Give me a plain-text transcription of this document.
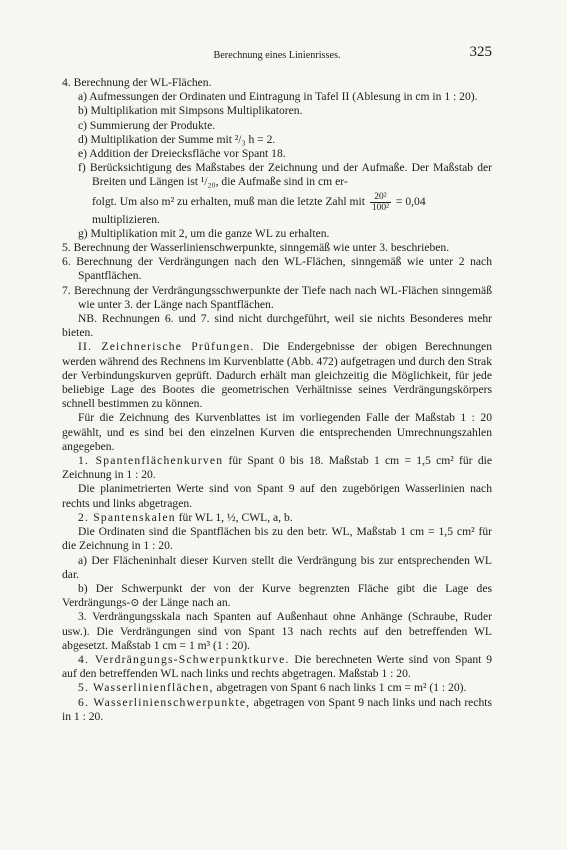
Berechnung eines Linienrisses.	325

4. Berechnung der WL-Flächen.

a) Aufmessungen der Ordinaten und Eintragung in Tafel II (Ablesung in cm in 1 : 20).

b) Multiplikation mit Simpsons Multiplikatoren.

c) Summierung der Produkte.

d) Multiplikation der Summe mit ²/₃ h = 2.

e) Addition der Dreiecksfläche vor Spant 18.

f) Berücksichtigung des Maßstabes der Zeichnung und der Aufmaße. Der Maßstab der Breiten und Längen ist ¹/₂₀, die Aufmaße sind in cm er-

folgt. Um also m² zu erhalten, muß man die letzte Zahl mit $\frac{\text{20²}}{\text{100²}} = 0,04$

multiplizieren.

g) Multiplikation mit 2, um die ganze WL zu erhalten.

5. Berechnung der Wasserlinienschwerpunkte, sinngemäß wie unter 3. beschrieben.

6. Berechnung der Verdrängungen nach den WL-Flächen, sinngemäß wie unter 2 nach Spantflächen.

7. Berechnung der Verdrängungsschwerpunkte der Tiefe nach nach WL-Flächen sinngemäß wie unter 3. der Länge nach Spantflächen.

NB. Rechnungen 6. und 7. sind nicht durchgeführt, weil sie nichts Besonderes mehr bieten.

II. Zeichnerische Prüfungen. Die Endergebnisse der obigen Berechnungen werden während des Rechnens im Kurvenblatte (Abb. 472) aufgetragen und durch den Strak der Verbindungskurven geprüft. Dadurch erhält man gleichzeitig die Möglichkeit, für jede beliebige Lage des Bootes die geometrischen Verhältnisse seines Verdrängungskörpers schnell bestimmen zu können.

Für die Zeichnung des Kurvenblattes ist im vorliegenden Falle der Maßstab 1 : 20 gewählt, und es sind bei den einzelnen Kurven die entsprechenden Umrechnungszahlen angegeben.

1. Spantenflächenkurven für Spant 0 bis 18. Maßstab 1 cm = 1,5 cm² für die Zeichnung in 1 : 20.

Die planimetrierten Werte sind von Spant 9 auf den zugebörigen Wasserlinien nach rechts und links abgetragen.

2. Spantenskalen für WL 1, ½, CWL, a, b.

Die Ordinaten sind die Spantflächen bis zu den betr. WL, Maßstab 1 cm = 1,5 cm² für die Zeichnung in 1 : 20.

a) Der Flächeninhalt dieser Kurven stellt die Verdrängung bis zur entsprechenden WL dar.

b) Der Schwerpunkt der von der Kurve begrenzten Fläche gibt die Lage des Verdrängungs-⊙ der Länge nach an.

3. Verdrängungsskala nach Spanten auf Außenhaut ohne Anhänge (Schraube, Ruder usw.). Die Verdrängungen sind von Spant 13 nach rechts auf den betreffenden WL abgesetzt. Maßstab 1 cm = 1 m³ (1 : 20).

4. Verdrängungs-Schwerpunktkurve. Die berechneten Werte sind von Spant 9 auf den betreffenden WL nach links und rechts abgetragen. Maßstab 1 : 20.

5. Wasserlinienflächen, abgetragen von Spant 6 nach links 1 cm = m² (1 : 20).

6. Wasserlinienschwerpunkte, abgetragen von Spant 9 nach links und nach rechts in 1 : 20.
